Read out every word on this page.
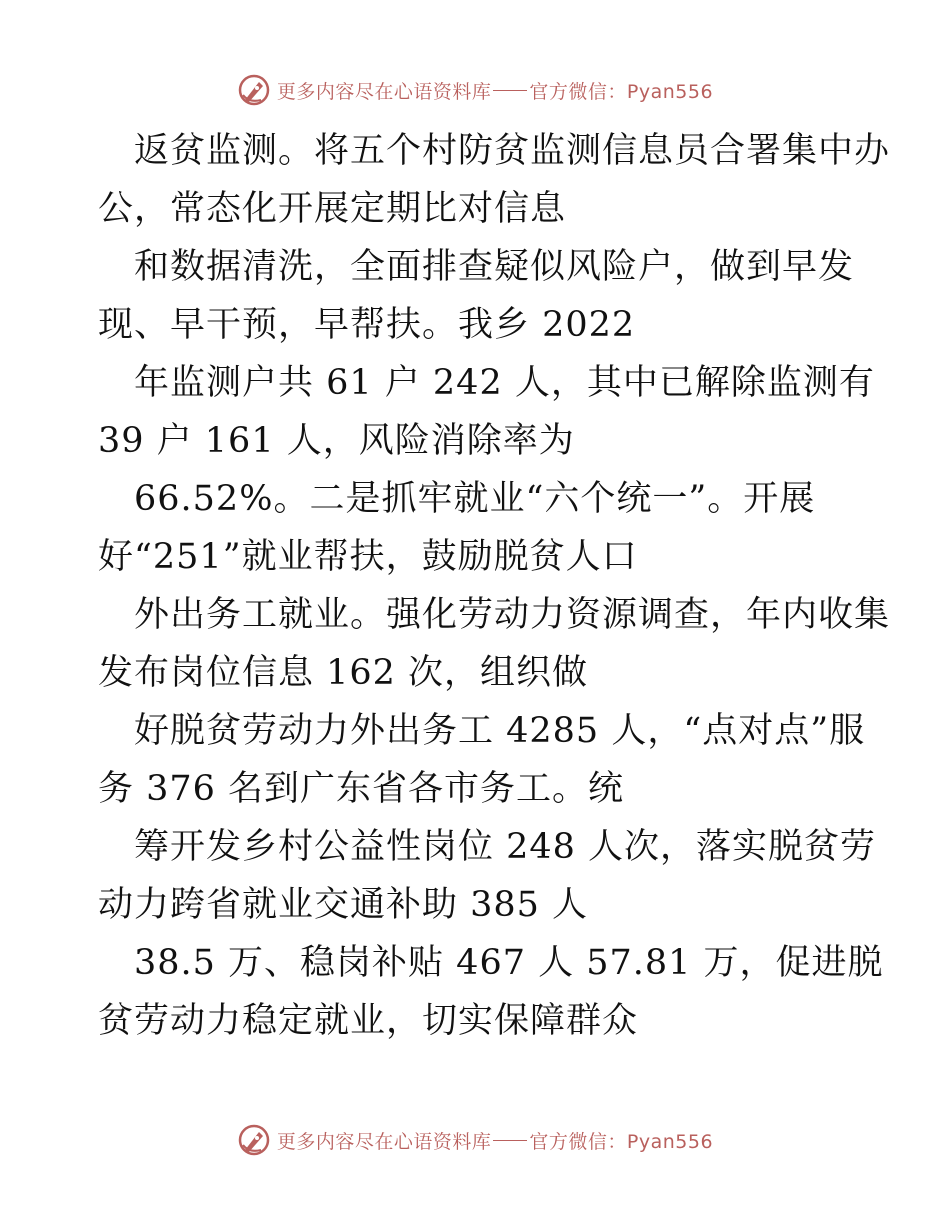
更多内容尽在心语资料库 官方微信：Pyan556
返贫监测。将五个村防贫监测信息员合署集中办
公，常态化开展定期比对信息
和数据清洗，全面排查疑似风险户，做到早发
现、早干预，早帮扶。我乡 2022
年监测户共 61 户 242 人，其中已解除监测有
39 户 161 人，风险消除率为
66.52%。二是抓牢就业“六个统一”。开展
好“251”就业帮扶，鼓励脱贫人口
外出务工就业。强化劳动力资源调查，年内收集
发布岗位信息 162 次，组织做
好脱贫劳动力外出务工 4285 人，“点对点”服
务 376 名到广东省各市务工。统
筹开发乡村公益性岗位 248 人次，落实脱贫劳
动力跨省就业交通补助 385 人
38.5 万、稳岗补贴 467 人 57.81 万，促进脱
贫劳动力稳定就业，切实保障群众
更多内容尽在心语资料库 官方微信：Pyan556
